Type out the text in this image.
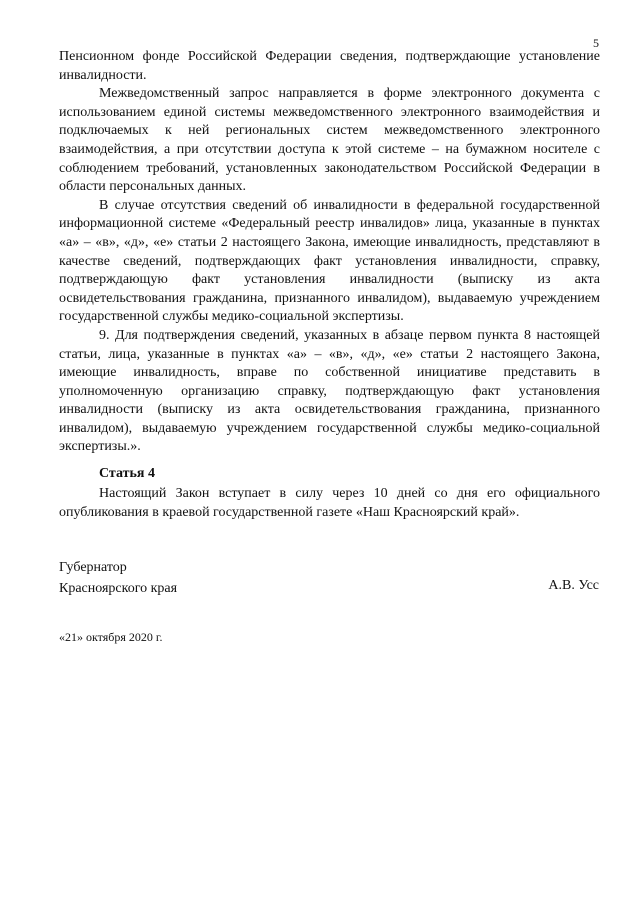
5

Пенсионном фонде Российской Федерации сведения, подтверждающие установление инвалидности.

Межведомственный запрос направляется в форме электронного документа с использованием единой системы межведомственного электронного взаимодействия и подключаемых к ней региональных систем межведомственного электронного взаимодействия, а при отсутствии доступа к этой системе – на бумажном носителе с соблюдением требований, установленных законодательством Российской Федерации в области персональных данных.

В случае отсутствия сведений об инвалидности в федеральной государственной информационной системе «Федеральный реестр инвалидов» лица, указанные в пунктах «а» – «в», «д», «е» статьи 2 настоящего Закона, имеющие инвалидность, представляют в качестве сведений, подтверждающих факт установления инвалидности, справку, подтверждающую факт установления инвалидности (выписку из акта освидетельствования гражданина, признанного инвалидом), выдаваемую учреждением государственной службы медико-социальной экспертизы.

9. Для подтверждения сведений, указанных в абзаце первом пункта 8 настоящей статьи, лица, указанные в пунктах «а» – «в», «д», «е» статьи 2 настоящего Закона, имеющие инвалидность, вправе по собственной инициативе представить в уполномоченную организацию справку, подтверждающую факт установления инвалидности (выписку из акта освидетельствования гражданина, признанного инвалидом), выдаваемую учреждением государственной службы медико-социальной экспертизы.».

Статья 4

Настоящий Закон вступает в силу через 10 дней со дня его официального опубликования в краевой государственной газете «Наш Красноярский край».

Губернатор
Красноярского края	А.В. Усс
«21» октября 2020 г.
